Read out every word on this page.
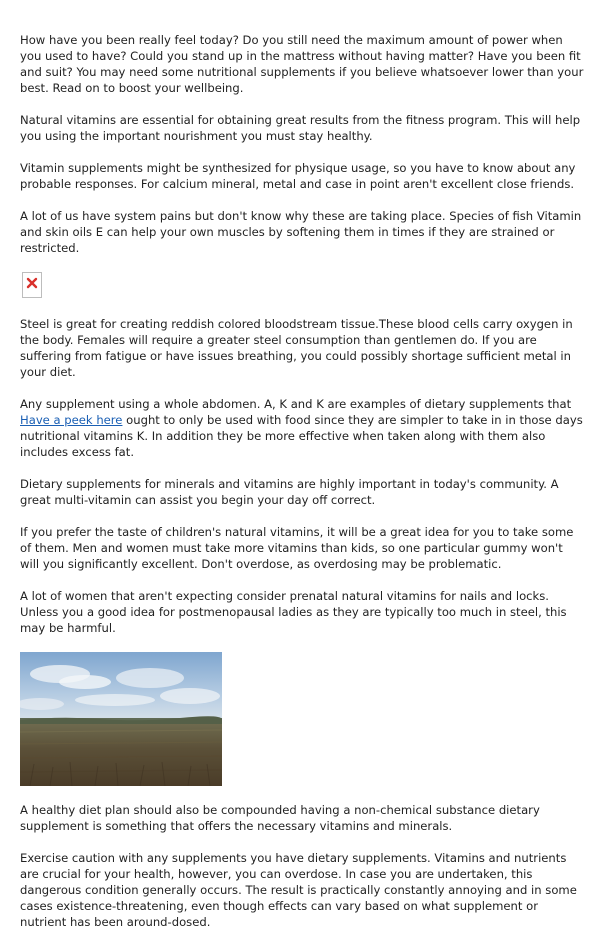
How have you been really feel today? Do you still need the maximum amount of power when you used to have? Could you stand up in the mattress without having matter? Have you been fit and suit? You may need some nutritional supplements if you believe whatsoever lower than your best. Read on to boost your wellbeing.

Natural vitamins are essential for obtaining great results from the fitness program. This will help you using the important nourishment you must stay healthy.

Vitamin supplements might be synthesized for physique usage, so you have to know about any probable responses. For calcium mineral, metal and case in point aren't excellent close friends.

A lot of us have system pains but don't know why these are taking place. Species of fish Vitamin and skin oils E can help your own muscles by softening them in times if they are strained or restricted.

Steel is great for creating reddish colored bloodstream tissue.These blood cells carry oxygen in the body. Females will require a greater steel consumption than gentlemen do. If you are suffering from fatigue or have issues breathing, you could possibly shortage sufficient metal in your diet.

Any supplement using a whole abdomen. A, K and K are examples of dietary supplements that Have a peek here ought to only be used with food since they are simpler to take in in those days nutritional vitamins K. In addition they be more effective when taken along with them also includes excess fat.

Dietary supplements for minerals and vitamins are highly important in today's community. A great multi-vitamin can assist you begin your day off correct.

If you prefer the taste of children's natural vitamins, it will be a great idea for you to take some of them. Men and women must take more vitamins than kids, so one particular gummy won't will you significantly excellent. Don't overdose, as overdosing may be problematic.

A lot of women that aren't expecting consider prenatal natural vitamins for nails and locks. Unless you a good idea for postmenopausal ladies as they are typically too much in steel, this may be harmful.

A healthy diet plan should also be compounded having a non-chemical substance dietary supplement is something that offers the necessary vitamins and minerals.

Exercise caution with any supplements you have dietary supplements. Vitamins and nutrients are crucial for your health, however, you can overdose. In case you are undertaken, this dangerous condition generally occurs. The result is practically constantly annoying and in some cases existence-threatening, even though effects can vary based on what supplement or nutrient has been around-dosed.
